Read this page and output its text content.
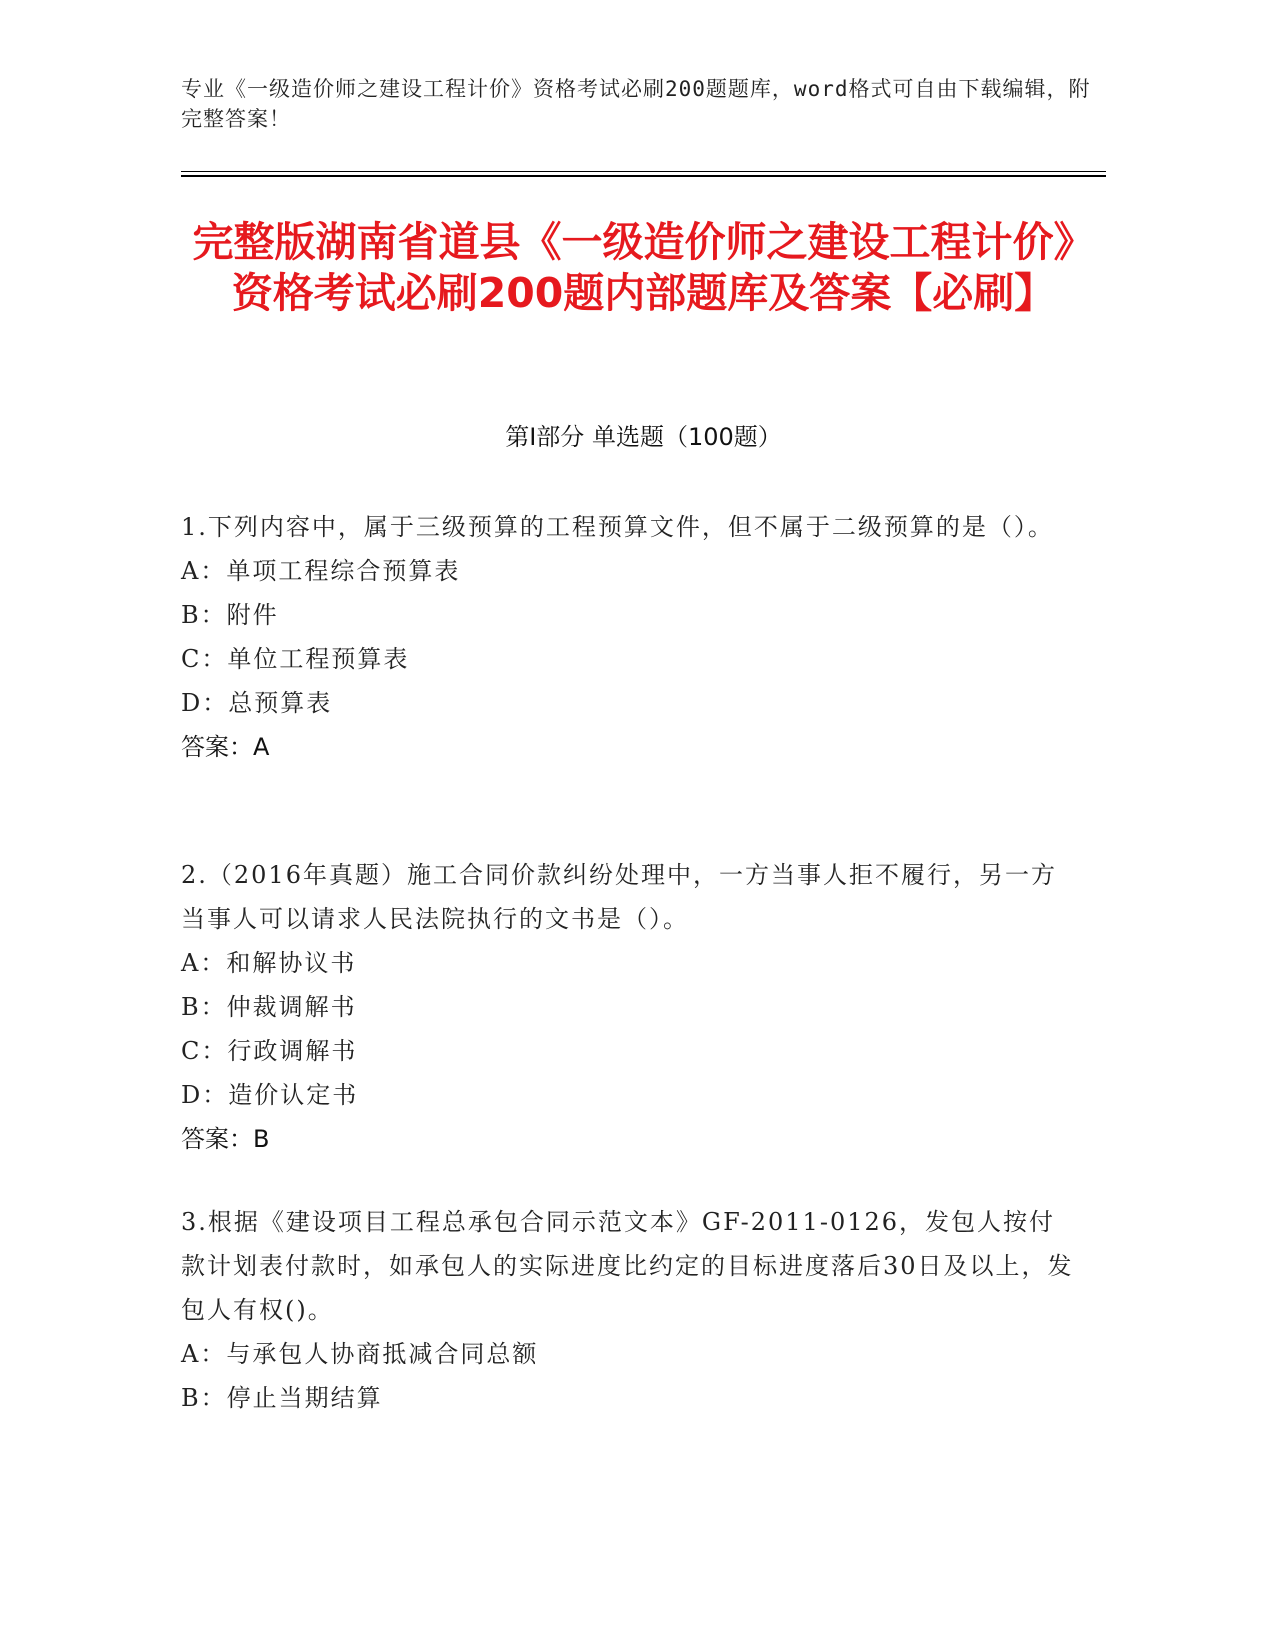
专业《一级造价师之建设工程计价》资格考试必刷200题题库，word格式可自由下载编辑，附完整答案！
完整版湖南省道县《一级造价师之建设工程计价》资格考试必刷200题内部题库及答案【必刷】
第I部分 单选题（100题）
1.下列内容中，属于三级预算的工程预算文件，但不属于二级预算的是（）。
A：单项工程综合预算表
B：附件
C：单位工程预算表
D：总预算表
答案：A
2.（2016年真题）施工合同价款纠纷处理中，一方当事人拒不履行，另一方当事人可以请求人民法院执行的文书是（）。
A：和解协议书
B：仲裁调解书
C：行政调解书
D：造价认定书
答案：B
3.根据《建设项目工程总承包合同示范文本》GF-2011-0126，发包人按付款计划表付款时，如承包人的实际进度比约定的目标进度落后30日及以上，发包人有权()。
A：与承包人协商抵减合同总额
B：停止当期结算
